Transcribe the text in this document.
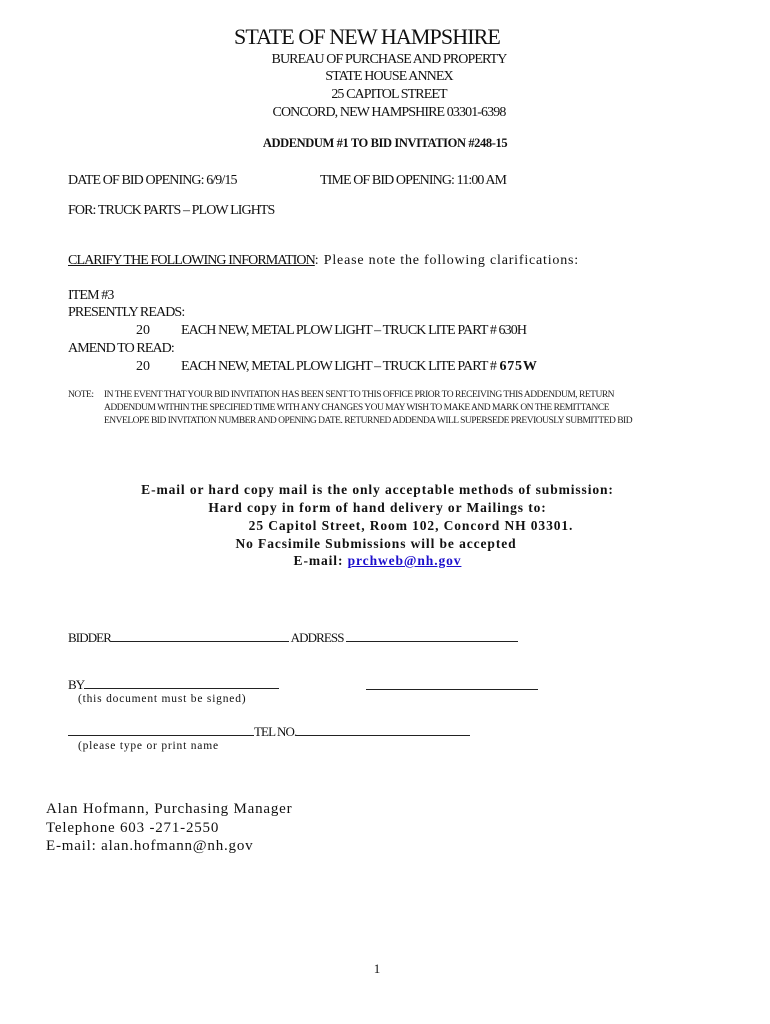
STATE OF NEW HAMPSHIRE
BUREAU OF PURCHASE AND PROPERTY
STATE HOUSE ANNEX
25 CAPITOL STREET
CONCORD, NEW HAMPSHIRE 03301-6398
ADDENDUM #1 TO BID INVITATION #248-15
DATE OF BID OPENING: 6/9/15	TIME OF BID OPENING: 11:00 AM
FOR: TRUCK PARTS – PLOW LIGHTS
CLARIFY THE FOLLOWING INFORMATION: Please note the following clarifications:
ITEM #3
PRESENTLY READS:
20 EACH NEW, METAL PLOW LIGHT – TRUCK LITE PART # 630H
AMEND TO READ:
20 EACH NEW, METAL PLOW LIGHT – TRUCK LITE PART # 675W
NOTE: IN THE EVENT THAT YOUR BID INVITATION HAS BEEN SENT TO THIS OFFICE PRIOR TO RECEIVING THIS ADDENDUM, RETURN
ADDENDUM WITHIN THE SPECIFIED TIME WITH ANY CHANGES YOU MAY WISH TO MAKE AND MARK ON THE REMITTANCE
ENVELOPE BID INVITATION NUMBER AND OPENING DATE. RETURNED ADDENDA WILL SUPERSEDE PREVIOUSLY SUBMITTED BID
E-mail or hard copy mail is the only acceptable methods of submission:
Hard copy in form of hand delivery or Mailings to:
25 Capitol Street, Room 102, Concord NH 03301.
No Facsimile Submissions will be accepted
E-mail: prchweb@nh.gov
BIDDER	ADDRESS
BY
(this document must be signed)
TEL NO.
(please type or print name
Alan Hofmann, Purchasing Manager
Telephone 603 -271-2550
E-mail: alan.hofmann@nh.gov
1
